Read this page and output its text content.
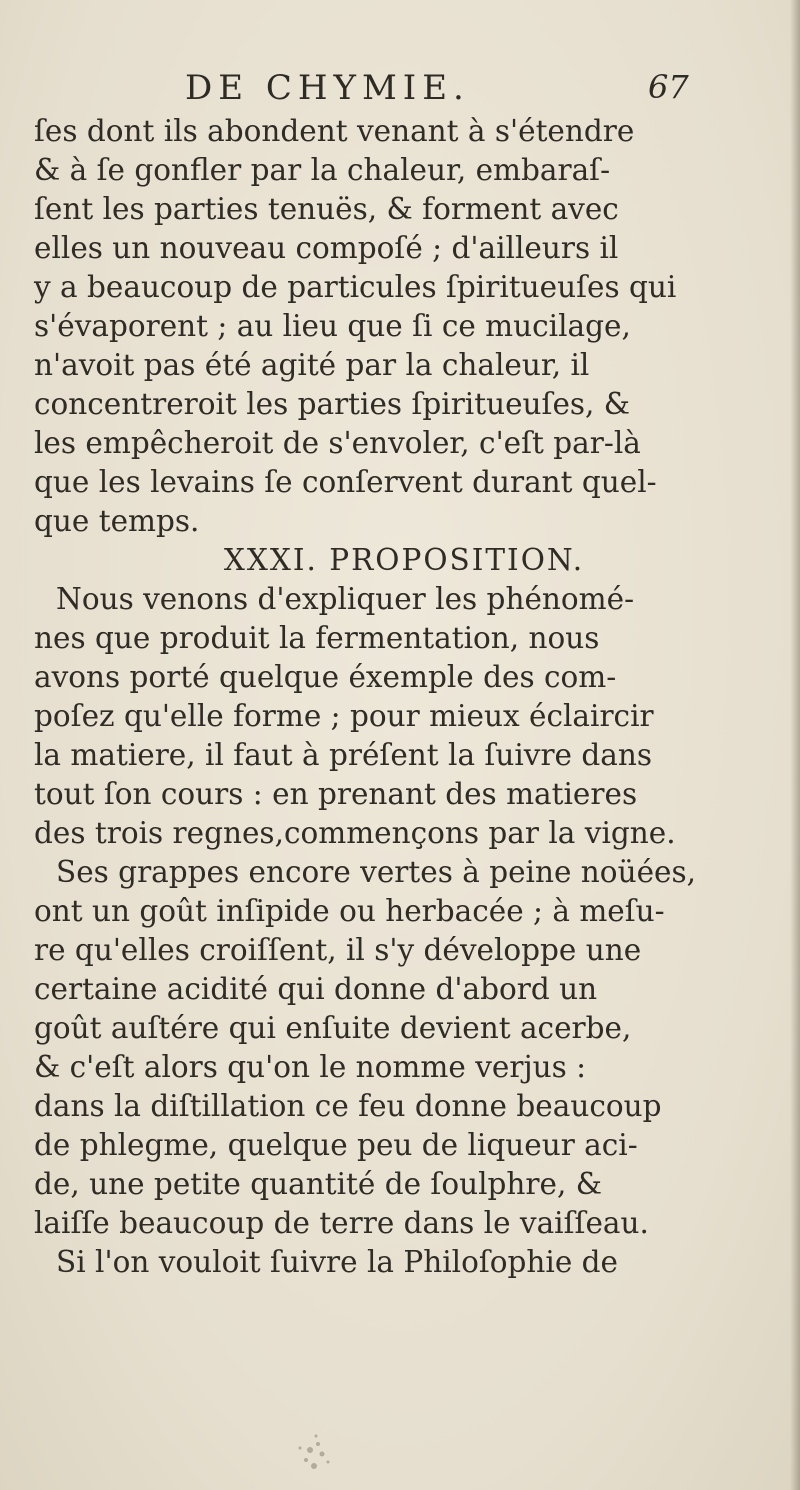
DE CHYMIE.	67
ſes dont ils abondent venant à s'étendre
& à ſe gonfler par la chaleur, embaraſ-
ſent les parties tenuës, & forment avec
elles un nouveau compoſé ; d'ailleurs il
y a beaucoup de particules ſpiritueuſes qui
s'évaporent ; au lieu que ſi ce mucilage,
n'avoit pas été agité par la chaleur, il
concentreroit les parties ſpiritueuſes, &
les empêcheroit de s'envoler, c'eſt par-là
que les levains ſe conſervent durant quel-
que temps.
XXXI. PROPOSITION.
Nous venons d'expliquer les phénomé-
nes que produit la fermentation, nous
avons porté quelque éxemple des com-
poſez qu'elle forme ; pour mieux éclaircir
la matiere, il faut à préſent la ſuivre dans
tout ſon cours : en prenant des matieres
des trois regnes,commençons par la vigne.
Ses grappes encore vertes à peine noüées,
ont un goût inſipide ou herbacée ; à meſu-
re qu'elles croiſſent, il s'y développe une
certaine acidité qui donne d'abord un
goût auſtére qui enſuite devient acerbe,
& c'eſt alors qu'on le nomme verjus :
dans la diſtillation ce feu donne beaucoup
de phlegme, quelque peu de liqueur aci-
de, une petite quantité de ſoulphre, &
laiſſe beaucoup de terre dans le vaiſſeau.
Si l'on vouloit ſuivre la Philoſophie de
